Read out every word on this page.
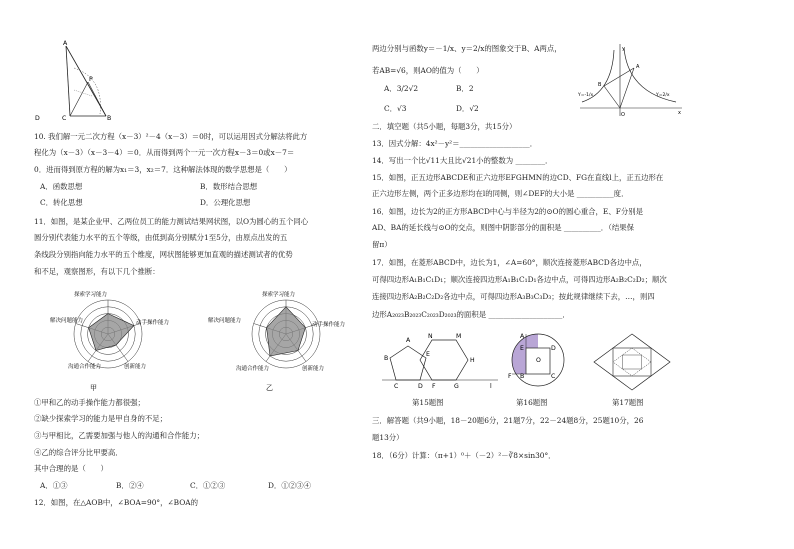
A
P
D	C	B
10. 我们解一元二次方程（x－3）²－4（x－3）＝0时，可以运用因式分解法将此方
程化为（x－3）（x－3－4）＝0．从而得到两个一元一次方程x－3＝0或x－7＝
0．进而得到原方程的解为x₁＝3，x₂＝7．这种解法体现的数学思想是（　　）
A．函数思想	B．数形结合思想
C．转化思想	D．公理化思想
11．如图，是某企业甲、乙两位员工的能力测试结果网状图，以O为圆心的五个同心
圆分别代表能力水平的五个等级，由低到高分别赋分1至5分，由原点出发的五
条线段分别指向能力水平的五个维度，网状图能够更加直观的描述测试者的优势
和不足，观察图形，有以下几个推断：
探索学习能力
动手操作能力
创新能力
沟通合作能力
解决问题能力
甲
探索学习能力
动手操作能力
创新能力
沟通合作能力
解决问题能力
乙
①甲和乙的动手操作能力都很强；
②缺少探索学习的能力是甲自身的不足；
③与甲相比，乙需要加强与他人的沟通和合作能力；
④乙的综合评分比甲要高．
其中合理的是（　　）
A．①③	B．②④	C．①②③	D．①②③④
12．如图，在△AOB中，∠BOA=90°，∠BOA的
两边分别与函数y＝－1/x、y＝2/x的图象交于B、A两点，
若AB=√6，则AO的值为（　　）
A．3/2√2	B．2
C．√3	D．√2
y
A
B
O	x
Y=-1/x	Y=2/x
二．填空题（共5小题，每题3分，共15分）
13．因式分解：4x²－y²＝___________________．
14．写出一个比√11大且比√21小的整数为 ________．
15．如图，正五边形ABCDE和正六边形EFGHMN的边CD、FG在直线l上，正五边形在
正六边形左侧，两个正多边形均在l的同侧，则∠DEF的大小是 __________度．
16．如图，边长为2的正方形ABCD中心与半径为2的⊙O的圆心重合，E、F分别是
AD、BA的延长线与⊙O的交点，则图中阴影部分的面积是 __________．（结果保
留π）
17．如图，在菱形ABCD中，边长为1，∠A=60°，顺次连接菱形ABCD各边中点，
可得四边形A₁B₁C₁D₁；顺次连接四边形A₁B₁C₁D₁各边中点，可得四边形A₂B₂C₂D₂；顺次
连接四边形A₂B₂C₂D₂各边中点，可得四边形A₃B₃C₃D₃；按此规律继续下去，…，则四
边形A₂₀₂₃B₂₀₂₃C₂₀₂₃D₂₀₂₃的面积是 ____________________．
A
E
N	M
H
B
C	D F	G	l
A
E	D
O
B
F	C
第15题图	第16题图	第17题图
三．解答题（共9小题，18－20题6分，21题7分，22－24题8分，25题10分，26
题13分）
18．（6分）计算：（π+1）⁰＋（－2）²－∛8×sin30°．
